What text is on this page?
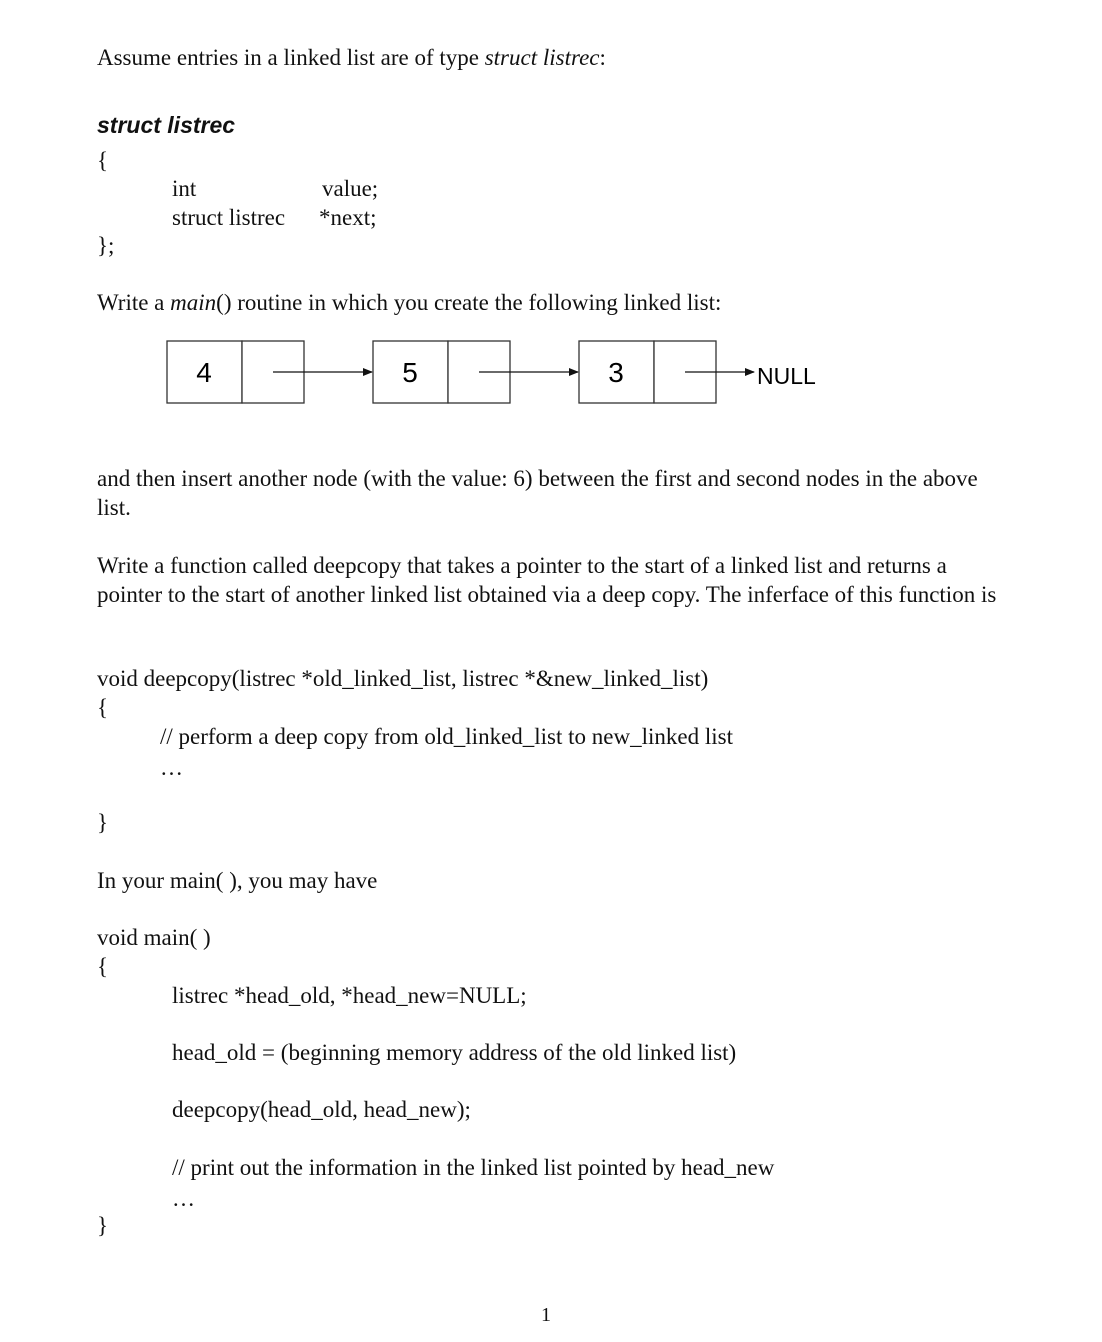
Assume entries in a linked list are of type struct listrec:
struct listrec
{
int	value;
struct listrec *next;
};
Write a main() routine in which you create the following linked list:
4	5	3	NULL
and then insert another node (with the value: 6) between the first and second nodes in the above list.
Write a function called deepcopy that takes a pointer to the start of a linked list and returns a pointer to the start of another linked list obtained via a deep copy. The inferface of this function is
void deepcopy(listrec *old_linked_list, listrec *&new_linked_list)
{
// perform a deep copy from old_linked_list to new_linked list
…
}
In your main( ), you may have
void main( )
{
listrec *head_old, *head_new=NULL;
head_old = (beginning memory address of the old linked list)
deepcopy(head_old, head_new);
// print out the information in the linked list pointed by head_new
…
}
1
